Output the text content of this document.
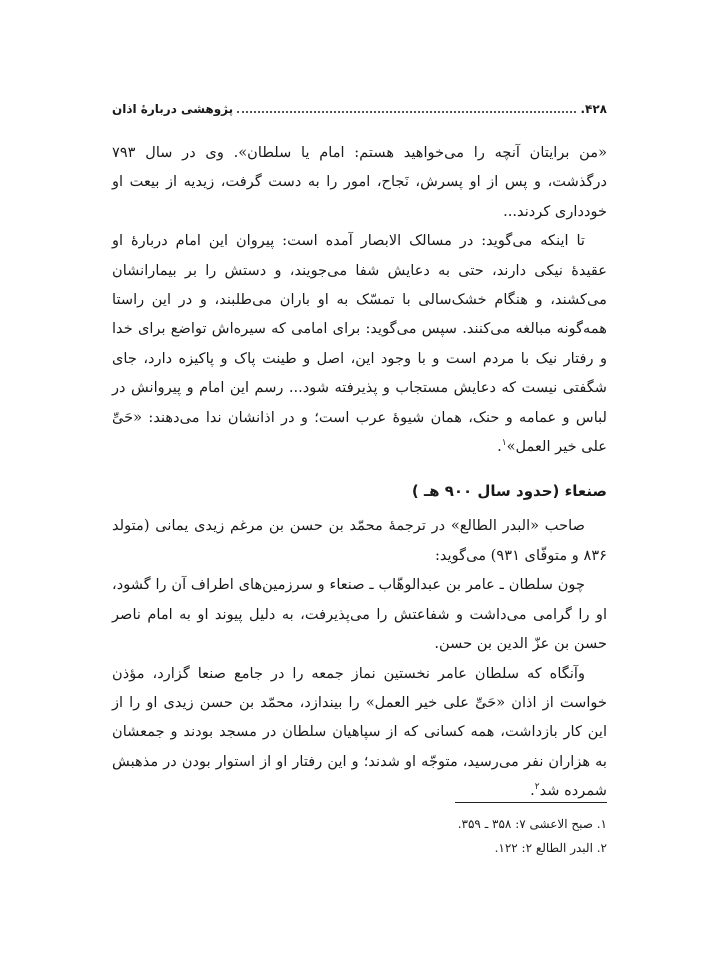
۴۲۸.
پژوهشی دربارهٔ اذان

«من برایتان آنچه را می‌خواهید هستم: امام یا سلطان». وی در سال ۷۹۳ درگذشت، و پس از او پسرش، نَجاح، امور را به دست گرفت، زیدیه از بیعت او خودداری کردند...

تا اینکه می‌گوید: در مسالک الابصار آمده است: پیروان این امام دربارهٔ او عقیدهٔ نیکی دارند، حتی به دعایش شفا می‌جویند، و دستش را بر بیمارانشان می‌کشند، و هنگام خشک‌سالی با تمسّک به او باران می‌طلبند، و در این راستا همه‌گونه مبالغه می‌کنند. سپس می‌گوید: برای امامی که سیره‌اش تواضع برای خدا و رفتار نیک با مردم است و با وجود این، اصل و طینت پاک و پاکیزه دارد، جای شگفتی نیست که دعایش مستجاب و پذیرفته شود... رسم این امام و پیروانش در لباس و عمامه و حنک، همان شیوهٔ عرب است؛ و در اذانشان ندا می‌دهند: «حَیِّ علی خیر العمل»$^۱$.

صنعاء (حدود سال ۹۰۰ هـ )

صاحب «البدر الطالع» در ترجمهٔ محمّد بن حسن بن مرغم زیدی یمانی (متولد ۸۳۶ و متوفّای ۹۳۱) می‌گوید:

چون سلطان ـ عامر بن عبدالوهّاب ـ صنعاء و سرزمین‌های اطراف آن را گشود، او را گرامی می‌داشت و شفاعتش را می‌پذیرفت، به دلیل پیوند او به امام ناصر حسن بن عزّ الدین بن حسن.

وآنگاه که سلطان عامر نخستین نماز جمعه را در جامع صنعا گزارد، مؤذن خواست از اذان «حَیِّ علی خیر العمل» را بیندازد، محمّد بن حسن زیدی او را از این کار بازداشت، همه کسانی که از سپاهیان سلطان در مسجد بودند و جمعشان به هزاران نفر می‌رسید، متوجّه او شدند؛ و این رفتار او از استوار بودن در مذهبش شمرده شد$^۲$.

۱. صبح الاعشی ۷: ۳۵۸ ـ ۳۵۹.

۲. البدر الطالع ۲: ۱۲۲.
